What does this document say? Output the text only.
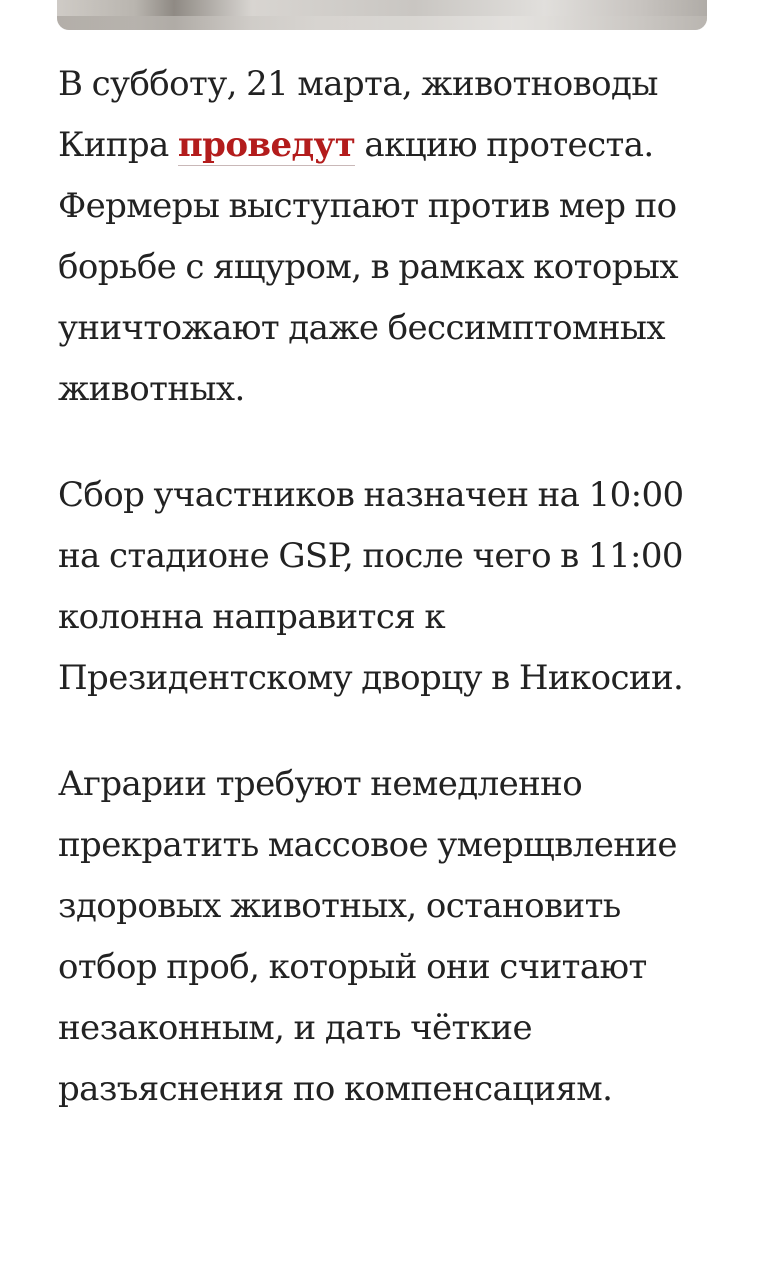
В субботу, 21 марта, животноводы Кипра проведут акцию протеста. Фермеры выступают против мер по борьбе с ящуром, в рамках которых уничтожают даже бессимптомных животных.

Сбор участников назначен на 10:00 на стадионе GSP, после чего в 11:00 колонна направится к Президентскому дворцу в Никосии.

Аграрии требуют немедленно прекратить массовое умерщвление здоровых животных, остановить отбор проб, который они считают незаконным, и дать чёткие разъяснения по компенсациям.
